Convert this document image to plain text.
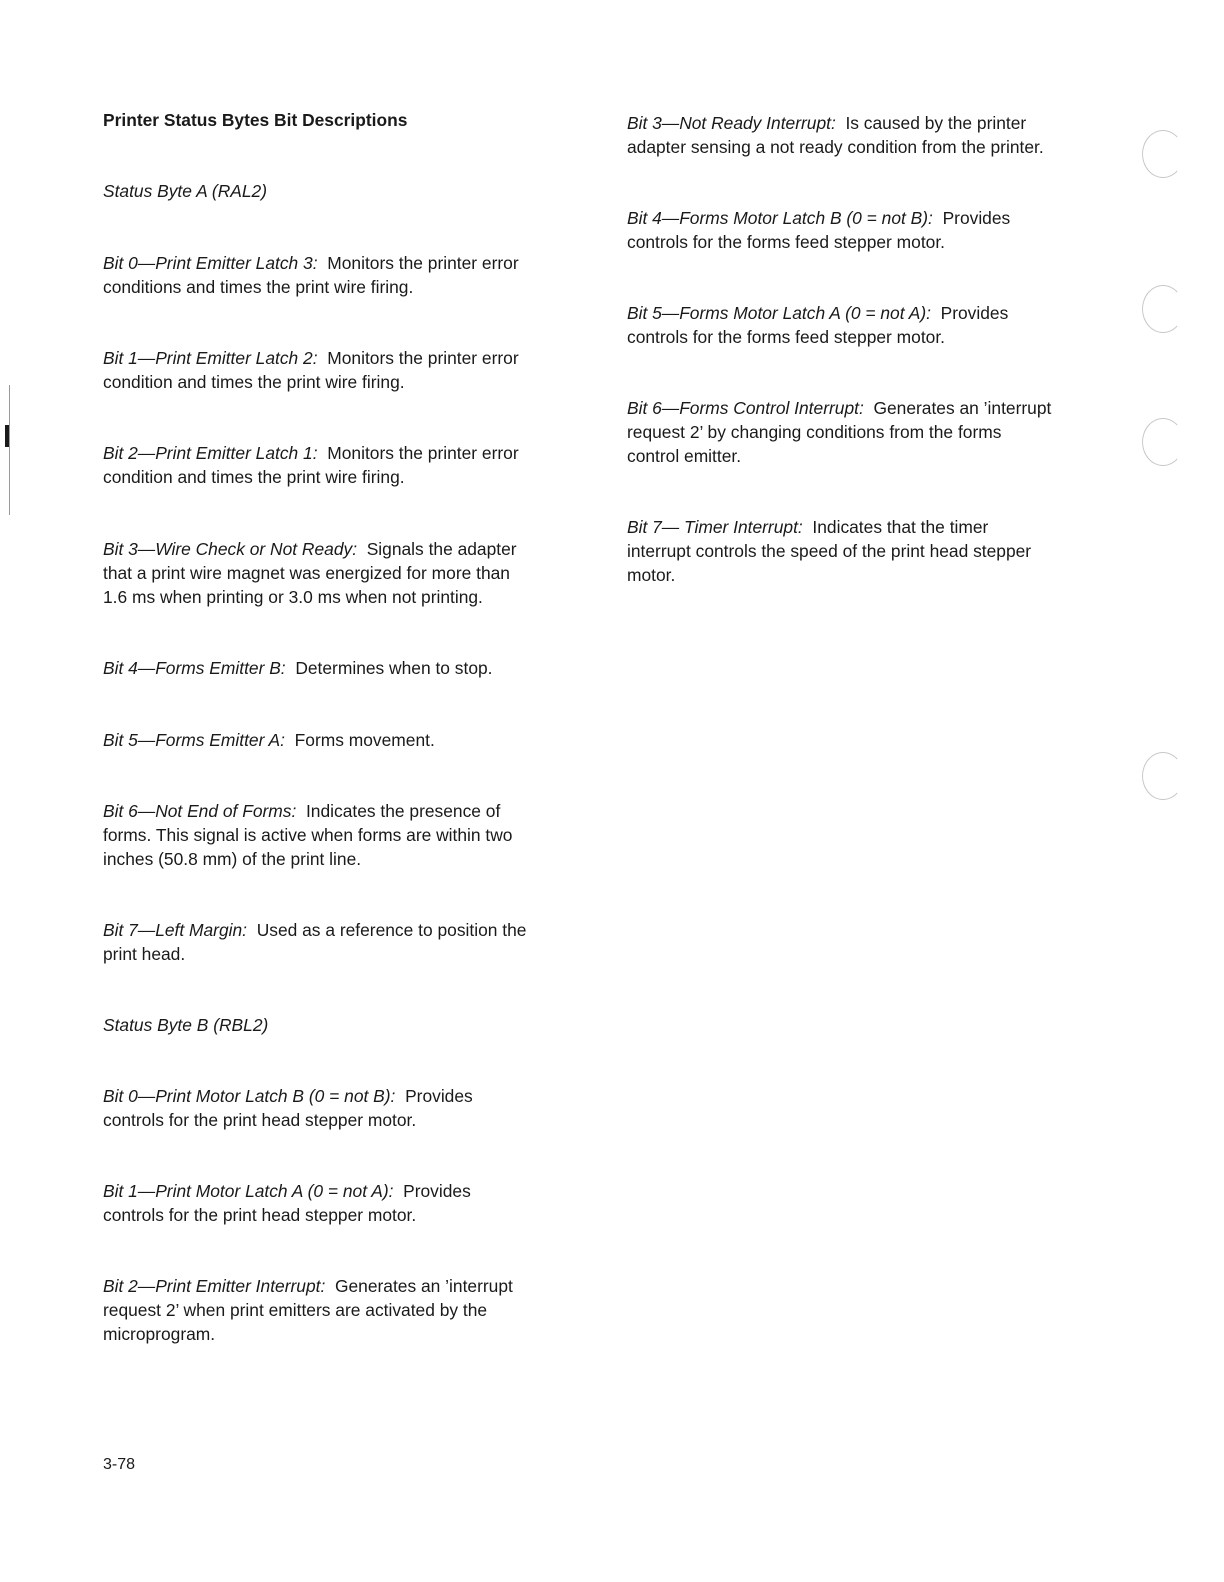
Printer Status Bytes Bit Descriptions
Status Byte A (RAL2)

Bit 0—Print Emitter Latch 3: Monitors the printer error
conditions and times the print wire firing.

Bit 1—Print Emitter Latch 2: Monitors the printer error
condition and times the print wire firing.

Bit 2—Print Emitter Latch 1: Monitors the printer error
condition and times the print wire firing.

Bit 3—Wire Check or Not Ready: Signals the adapter
that a print wire magnet was energized for more than
1.6 ms when printing or 3.0 ms when not printing.

Bit 4—Forms Emitter B: Determines when to stop.

Bit 5—Forms Emitter A: Forms movement.

Bit 6—Not End of Forms: Indicates the presence of
forms. This signal is active when forms are within two
inches (50.8 mm) of the print line.

Bit 7—Left Margin: Used as a reference to position the
print head.

Status Byte B (RBL2)

Bit 0—Print Motor Latch B (0 = not B): Provides
controls for the print head stepper motor.

Bit 1—Print Motor Latch A (0 = not A): Provides
controls for the print head stepper motor.

Bit 2—Print Emitter Interrupt: Generates an ’interrupt
request 2’ when print emitters are activated by the
microprogram.

Bit 3—Not Ready Interrupt: Is caused by the printer
adapter sensing a not ready condition from the printer.

Bit 4—Forms Motor Latch B (0 = not B): Provides
controls for the forms feed stepper motor.

Bit 5—Forms Motor Latch A (0 = not A): Provides
controls for the forms feed stepper motor.

Bit 6—Forms Control Interrupt: Generates an ’interrupt
request 2’ by changing conditions from the forms
control emitter.

Bit 7— Timer Interrupt: Indicates that the timer
interrupt controls the speed of the print head stepper
motor.

3-78
